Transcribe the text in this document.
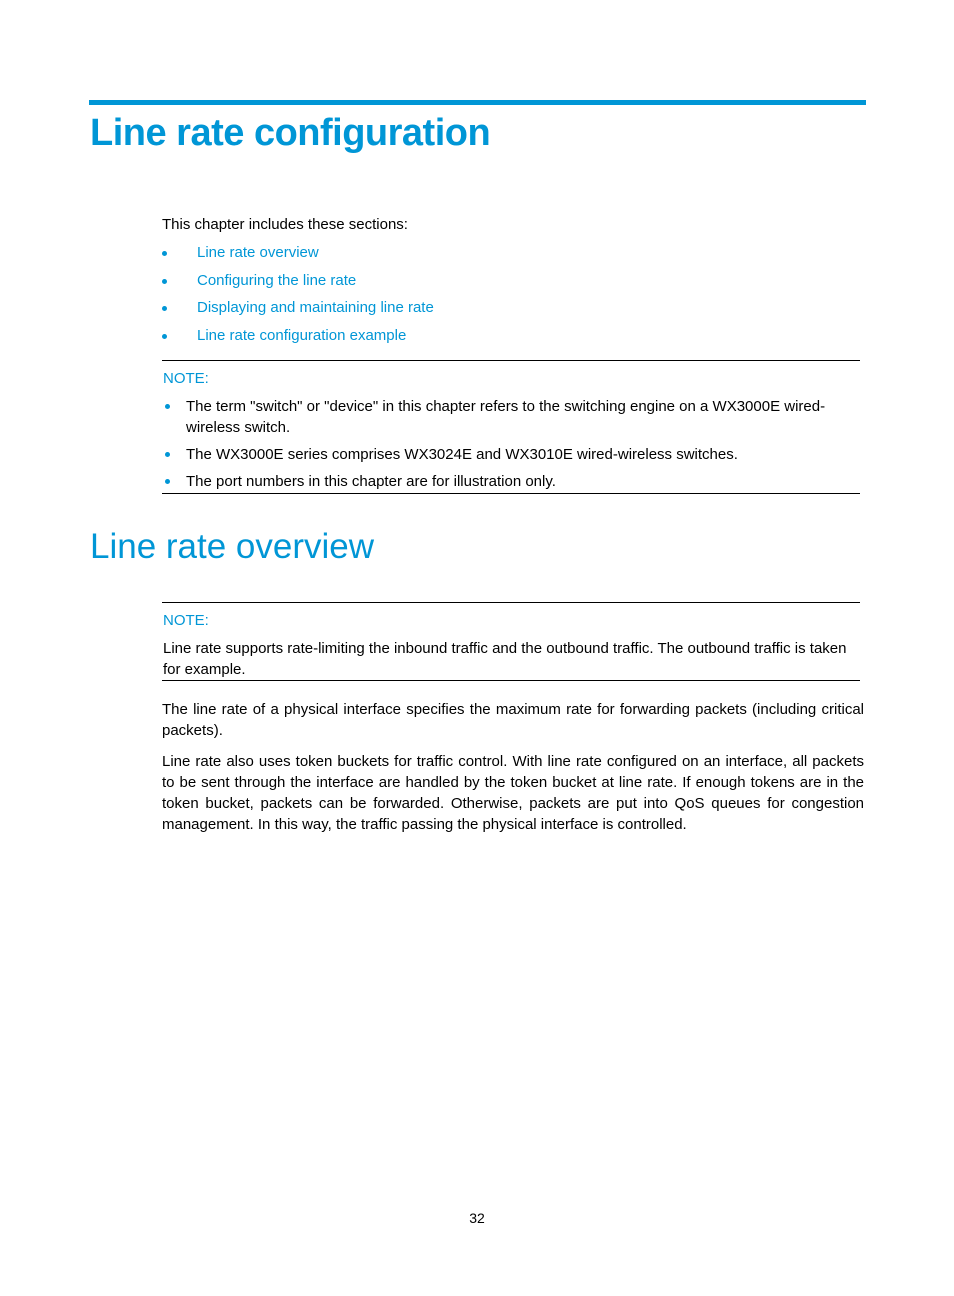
Line rate configuration
This chapter includes these sections:
Line rate overview
Configuring the line rate
Displaying and maintaining line rate
Line rate configuration example
NOTE:
The term "switch" or "device" in this chapter refers to the switching engine on a WX3000E wired-wireless switch.
The WX3000E series comprises WX3024E and WX3010E wired-wireless switches.
The port numbers in this chapter are for illustration only.
Line rate overview
NOTE:
Line rate supports rate-limiting the inbound traffic and the outbound traffic. The outbound traffic is taken for example.

The line rate of a physical interface specifies the maximum rate for forwarding packets (including critical packets).

Line rate also uses token buckets for traffic control. With line rate configured on an interface, all packets to be sent through the interface are handled by the token bucket at line rate. If enough tokens are in the token bucket, packets can be forwarded. Otherwise, packets are put into QoS queues for congestion management. In this way, the traffic passing the physical interface is controlled.

32
